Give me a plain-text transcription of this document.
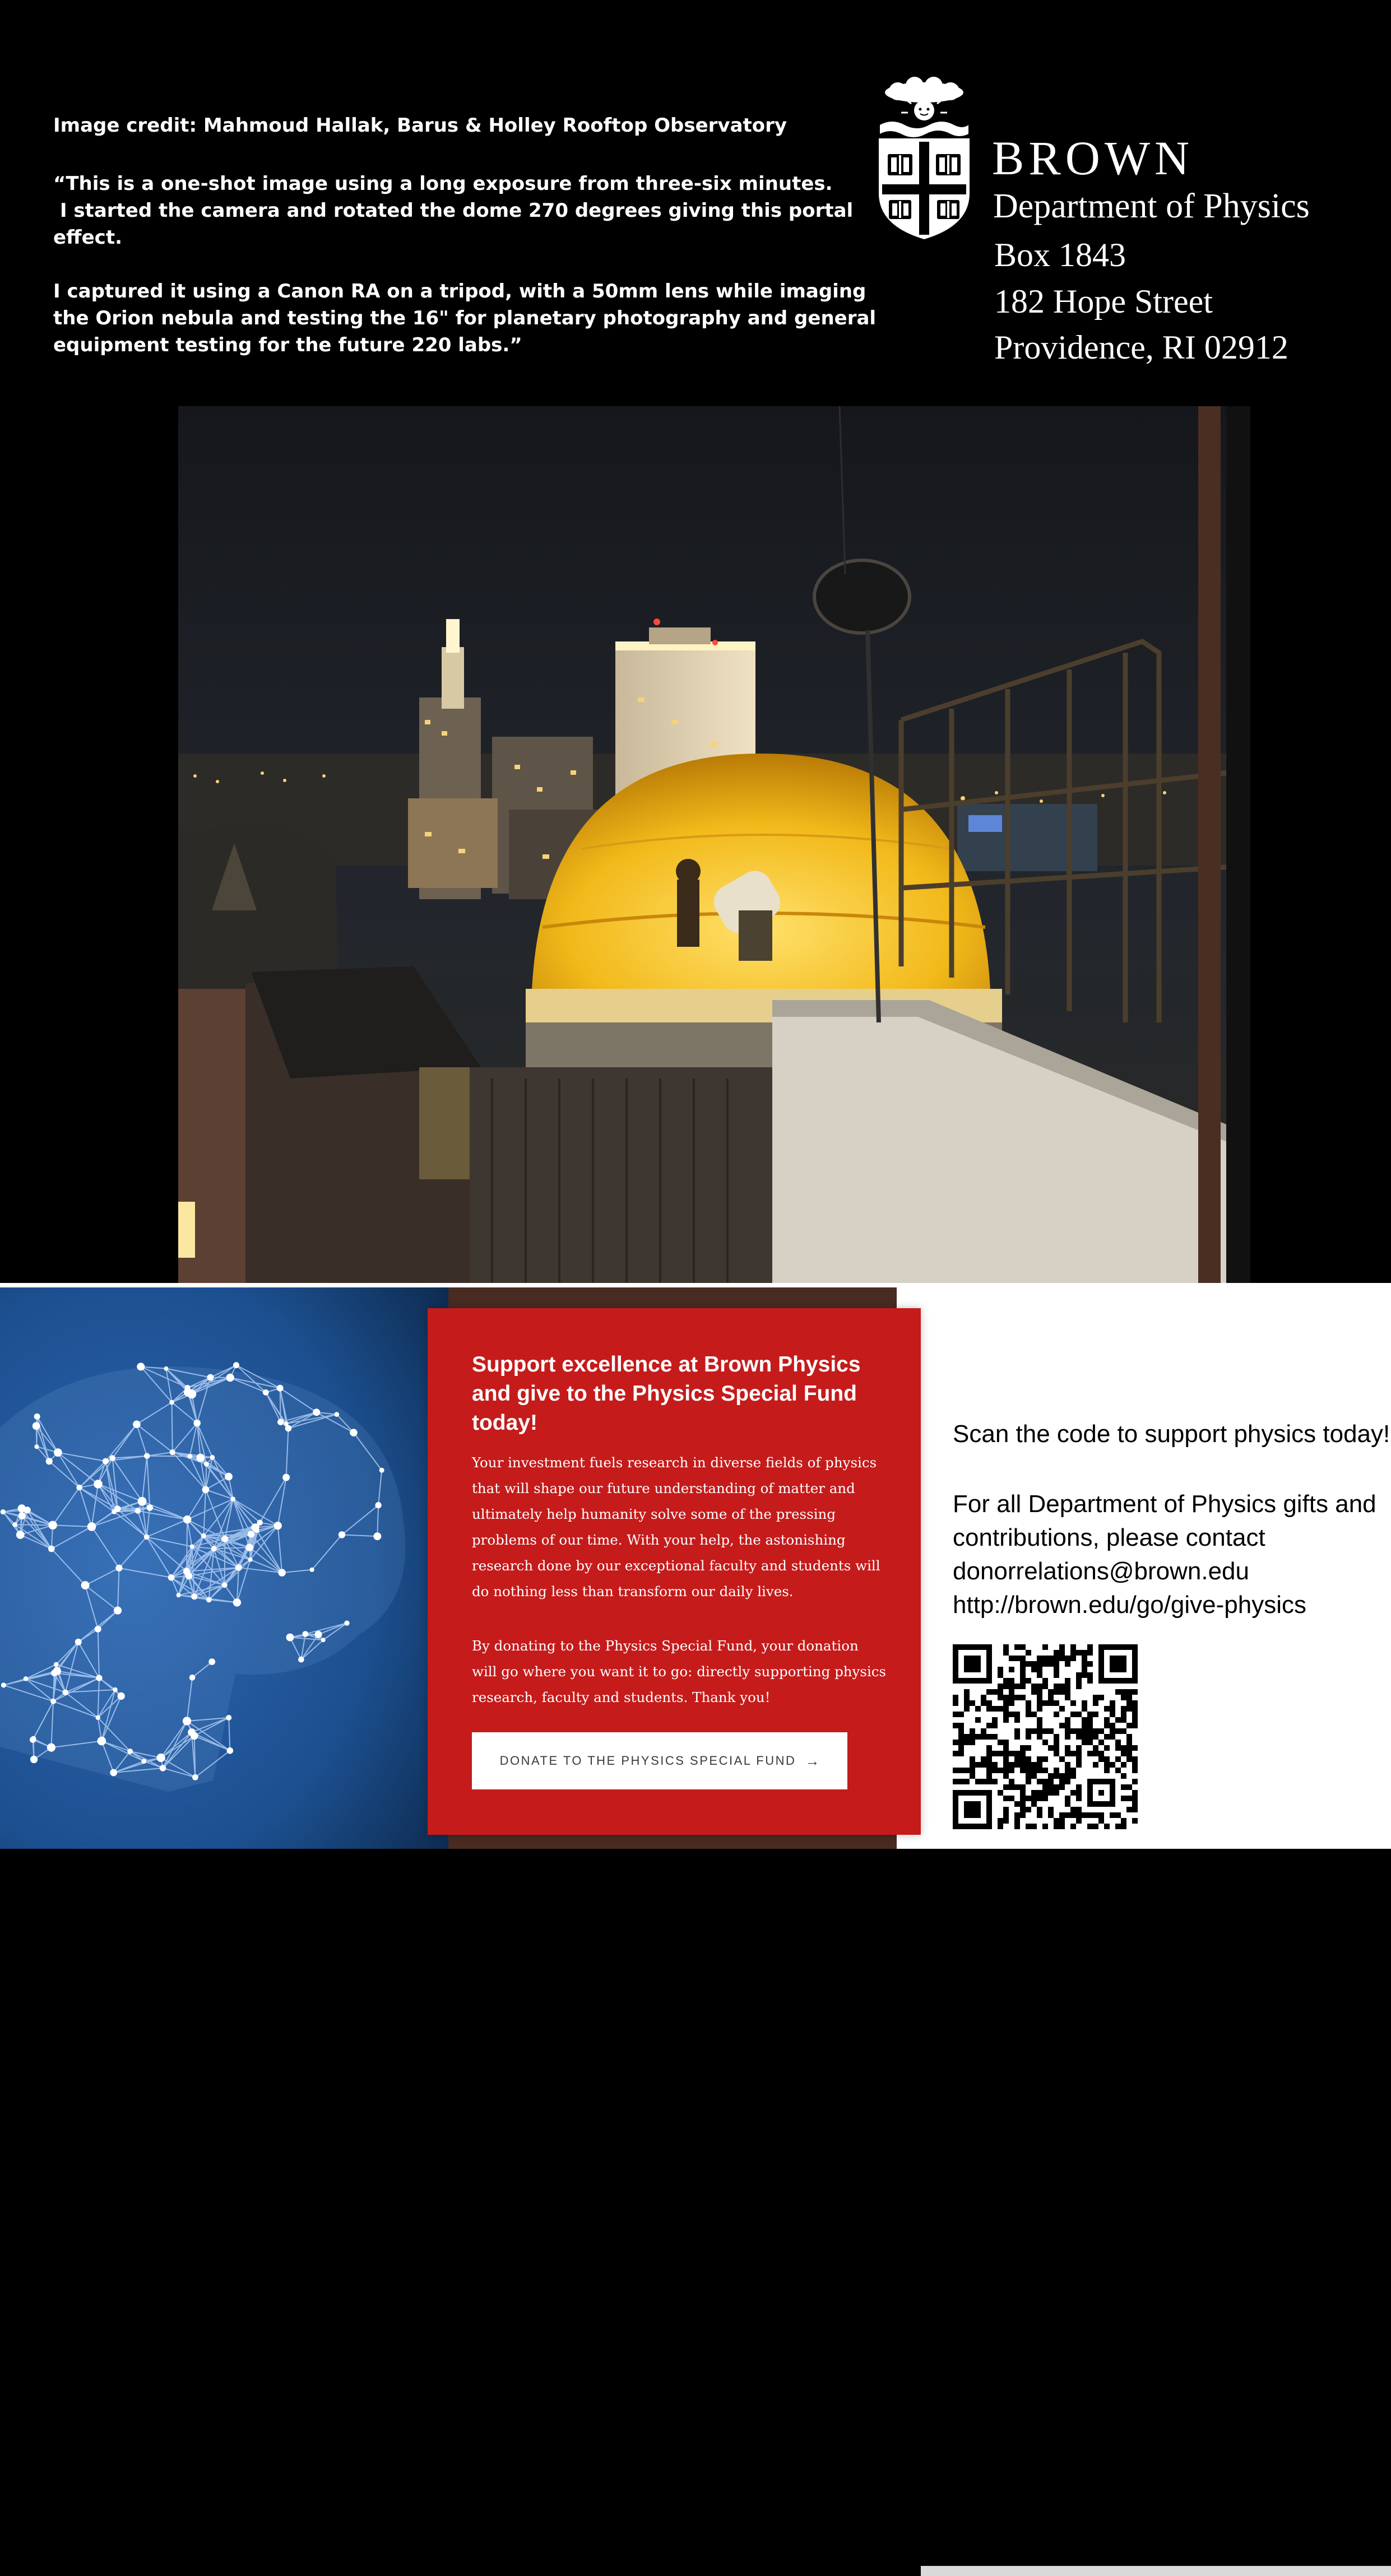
Image credit: Mahmoud Hallak, Barus & Holley Rooftop Observatory
“This is a one-shot image using a long exposure from three-six minutes.
I started the camera and rotated the dome 270 degrees giving this portal
effect.
I captured it using a Canon RA on a tripod, with a 50mm lens while imaging
the Orion nebula and testing the 16" for planetary photography and general
equipment testing for the future 220 labs.”
BROWN
Department of Physics
Box 1843
182 Hope Street
Providence, RI 02912
Support excellence at Brown Physics and give to the Physics Special Fund today!
Your investment fuels research in diverse fields of physics that will shape our future understanding of matter and ultimately help humanity solve some of the pressing problems of our time. With your help, the astonishing research done by our exceptional faculty and students will do nothing less than transform our daily lives.
By donating to the Physics Special Fund, your donation will go where you want it to go: directly supporting physics research, faculty and students. Thank you!
DONATE TO THE PHYSICS SPECIAL FUND →
Scan the code to support physics today!
For all Department of Physics gifts and
contributions, please contact
donorrelations@brown.edu
http://brown.edu/go/give-physics
